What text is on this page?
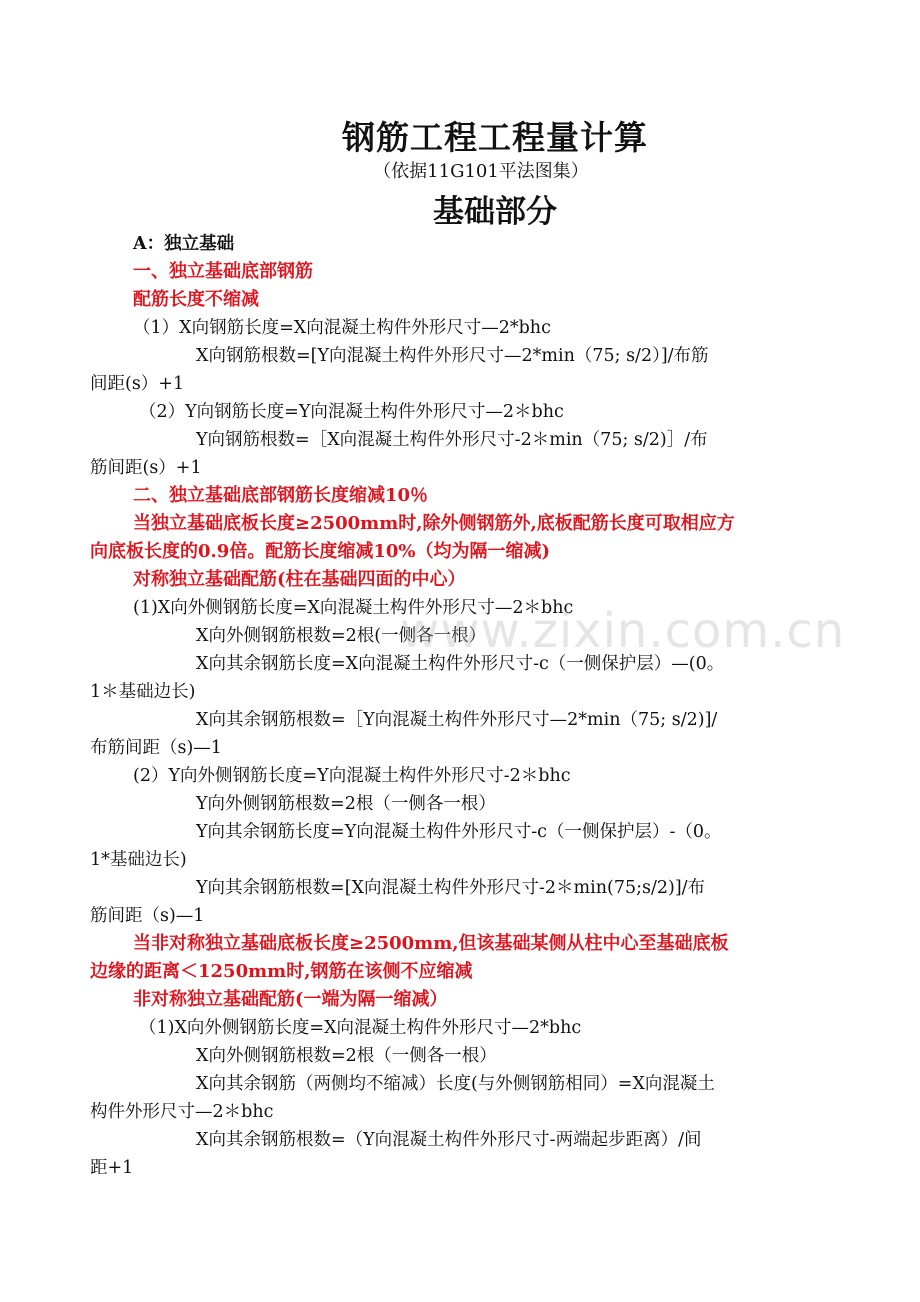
钢筋工程工程量计算
（依据11G101平法图集）
基础部分
A：独立基础
一、独立基础底部钢筋
配筋长度不缩减
（1）X向钢筋长度=X向混凝土构件外形尺寸—2*bhc
X向钢筋根数=[Y向混凝土构件外形尺寸—2*min（75; s/2）]/布筋
间距(s）+1
（2）Y向钢筋长度=Y向混凝土构件外形尺寸—2＊bhc
Y向钢筋根数=［X向混凝土构件外形尺寸-2＊min（75; s/2)］/布
筋间距(s）+1
二、独立基础底部钢筋长度缩减10％
当独立基础底板长度≥2500mm时,除外侧钢筋外,底板配筋长度可取相应方
向底板长度的0.9倍。配筋长度缩减10%（均为隔一缩减)
对称独立基础配筋(柱在基础四面的中心）
(1)X向外侧钢筋长度=X向混凝土构件外形尺寸—2＊bhc
X向外侧钢筋根数=2根(一侧各一根）
X向其余钢筋长度=X向混凝土构件外形尺寸-c（一侧保护层）—(0。
1＊基础边长)
X向其余钢筋根数=［Y向混凝土构件外形尺寸—2*min（75; s/2)]/
布筋间距（s)—1
(2）Y向外侧钢筋长度=Y向混凝土构件外形尺寸-2＊bhc
Y向外侧钢筋根数=2根（一侧各一根）
Y向其余钢筋长度=Y向混凝土构件外形尺寸-c（一侧保护层）-（0。
1*基础边长)
Y向其余钢筋根数=[X向混凝土构件外形尺寸-2＊min(75;s/2)]/布
筋间距（s)—1
当非对称独立基础底板长度≥2500mm,但该基础某侧从柱中心至基础底板
边缘的距离＜1250mm时,钢筋在该侧不应缩减
非对称独立基础配筋(一端为隔一缩减）
（1)X向外侧钢筋长度=X向混凝土构件外形尺寸—2*bhc
X向外侧钢筋根数=2根（一侧各一根）
X向其余钢筋（两侧均不缩减）长度(与外侧钢筋相同）=X向混凝土
构件外形尺寸—2＊bhc
X向其余钢筋根数=（Y向混凝土构件外形尺寸-两端起步距离）/间
距+1
www.zixin.com.cn
